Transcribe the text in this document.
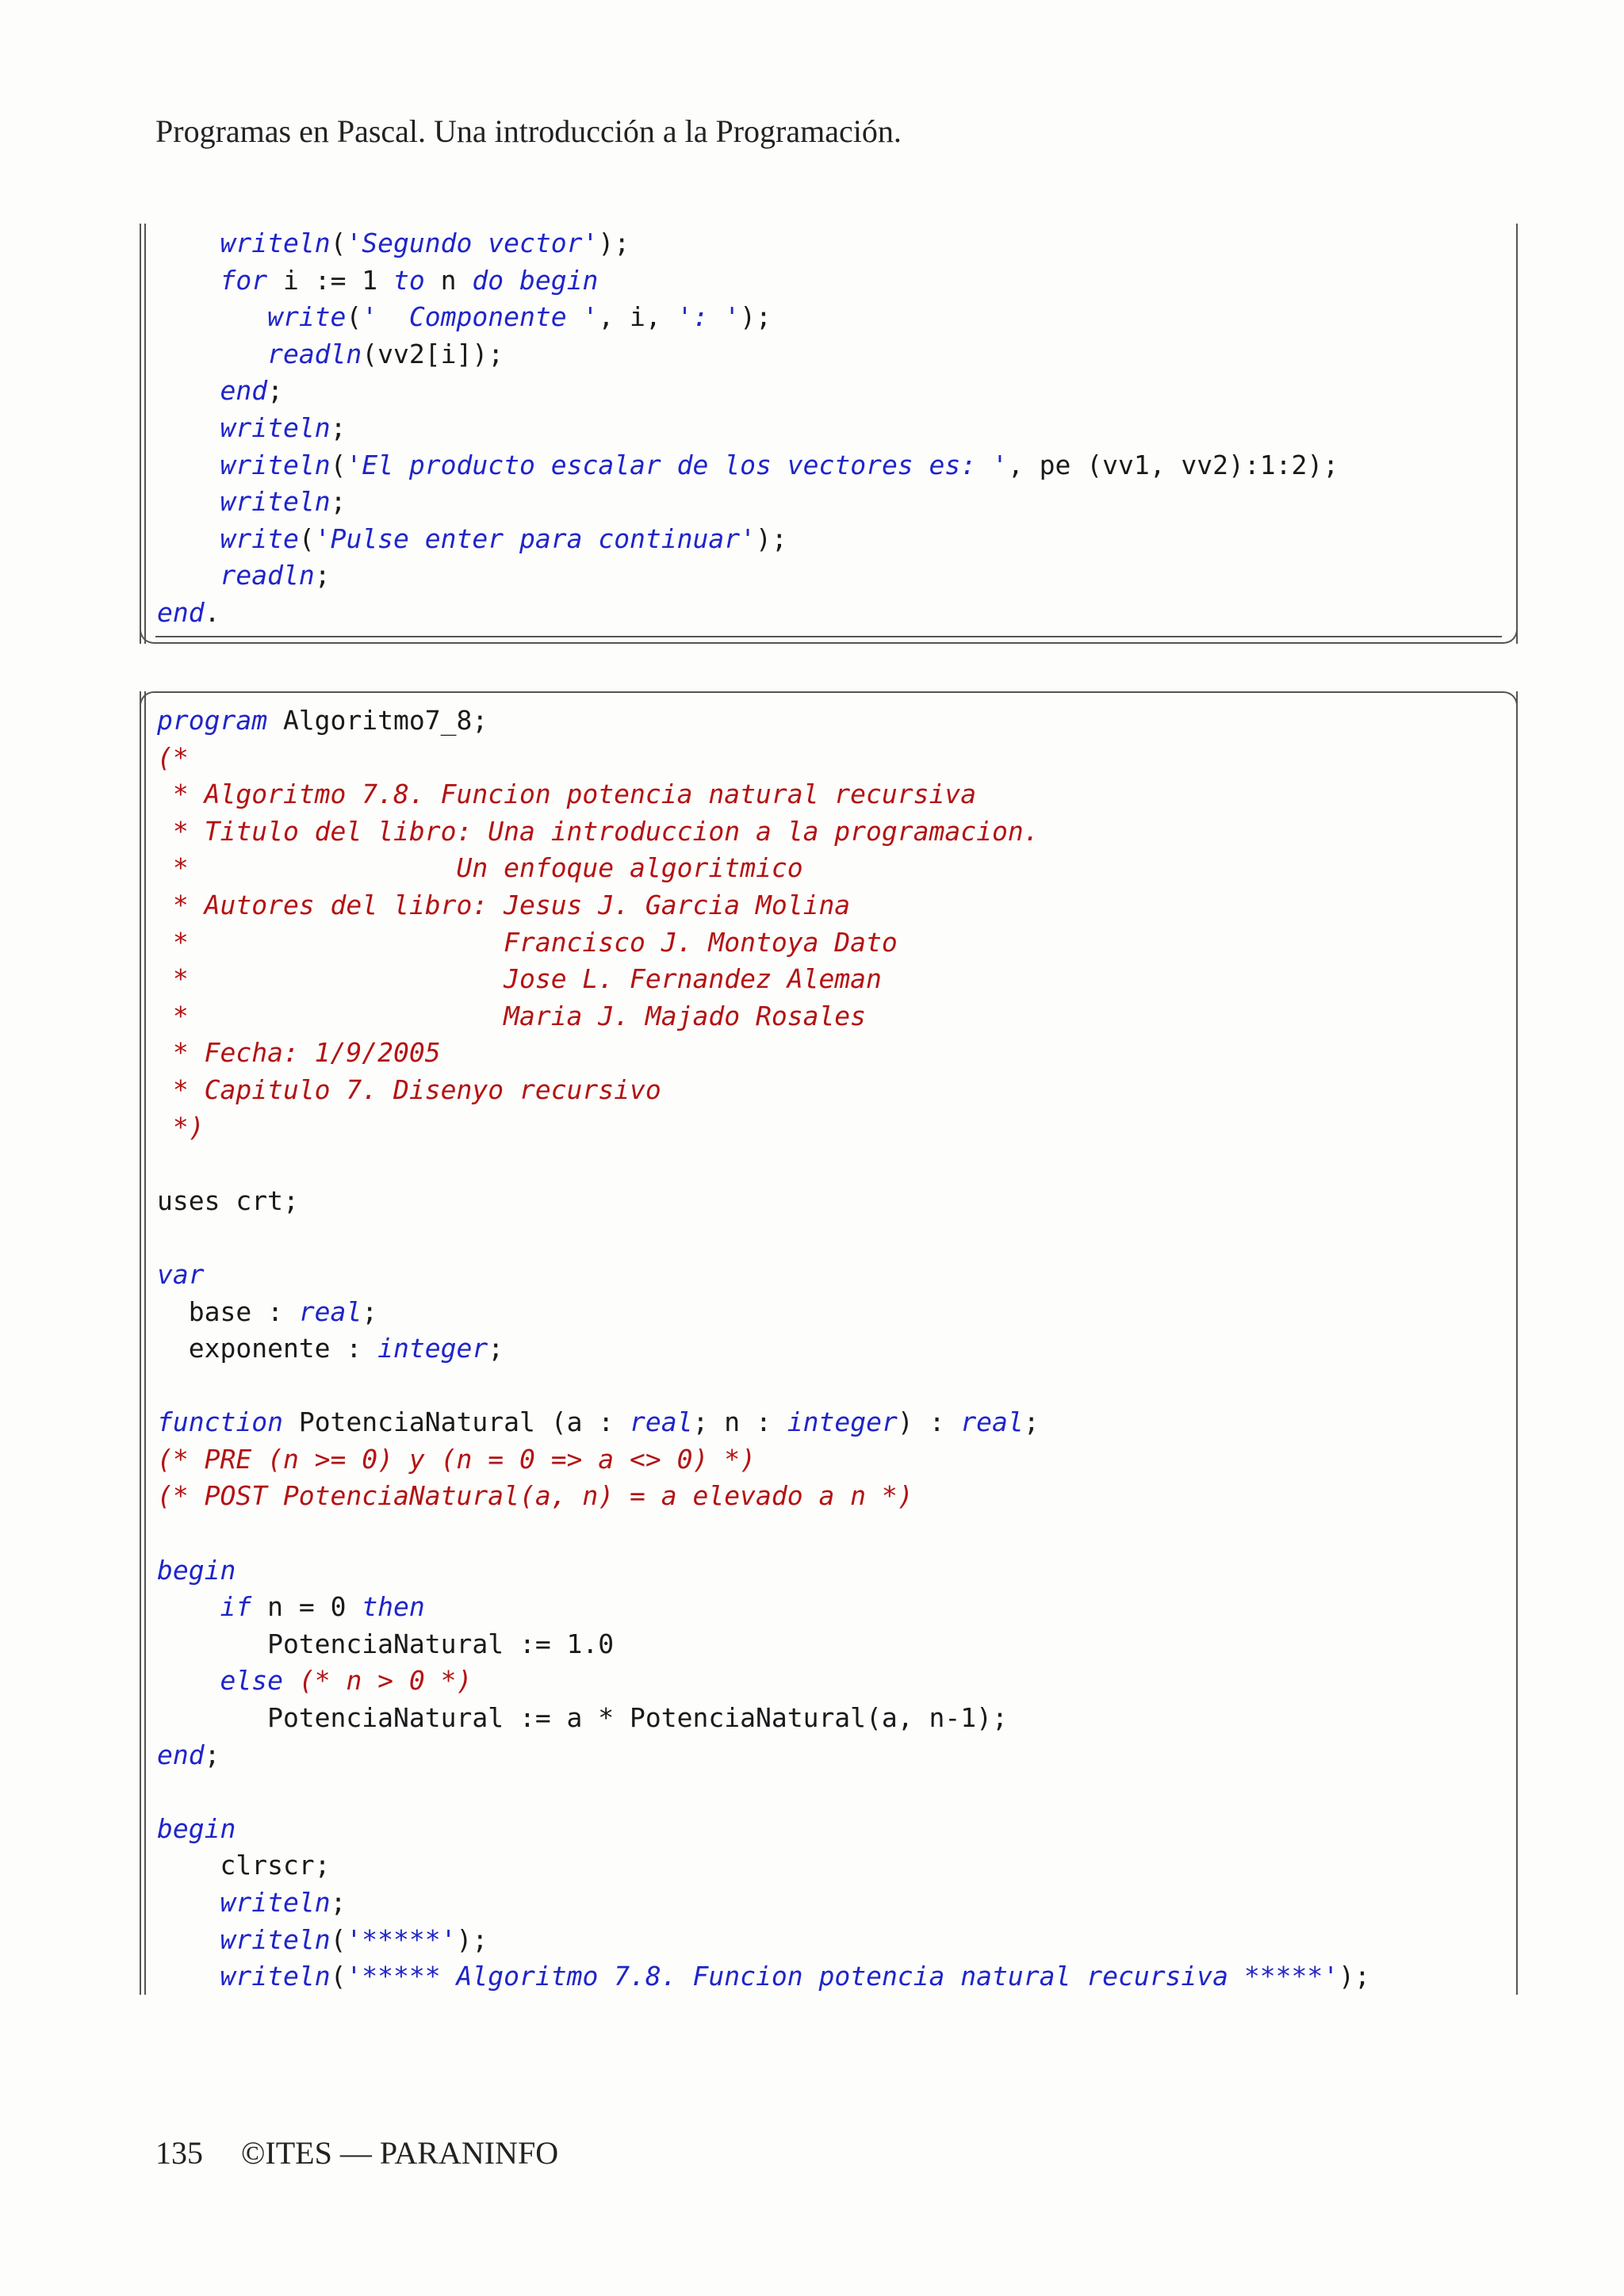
Programas en Pascal. Una introducción a la Programación.
writeln('Segundo vector');
for i := 1 to n do begin
write('  Componente ', i, ': ');
readln(vv2[i]);
end;
writeln;
writeln('El producto escalar de los vectores es: ', pe (vv1, vv2):1:2);
writeln;
write('Pulse enter para continuar');
readln;
end.
program Algoritmo7_8;
(*
* Algoritmo 7.8. Funcion potencia natural recursiva
* Titulo del libro: Una introduccion a la programacion.
*                 Un enfoque algoritmico
* Autores del libro: Jesus J. Garcia Molina
*                    Francisco J. Montoya Dato
*                    Jose L. Fernandez Aleman
*                    Maria J. Majado Rosales
* Fecha: 1/9/2005
* Capitulo 7. Disenyo recursivo
*)
uses crt;
var
base : real;
exponente : integer;
function PotenciaNatural (a : real; n : integer) : real;
(* PRE (n >= 0) y (n = 0 => a <> 0) *)
(* POST PotenciaNatural(a, n) = a elevado a n *)
begin
if n = 0 then
PotenciaNatural := 1.0
else (* n > 0 *)
PotenciaNatural := a * PotenciaNatural(a, n-1);
end;
begin
clrscr;
writeln;
writeln('*****');
writeln('***** Algoritmo 7.8. Funcion potencia natural recursiva *****');
135 ©ITES — PARANINFO
